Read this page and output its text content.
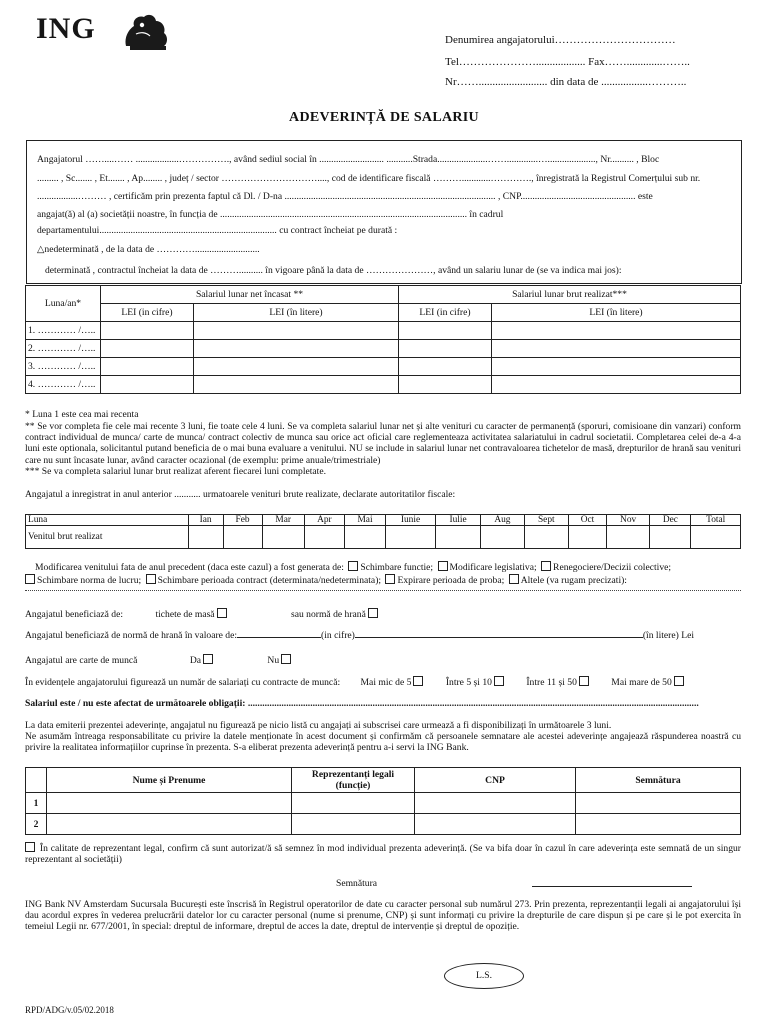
ING	Denumirea angajatorului……………………………
Tel………………….................. Fax…….............……..
Nr……......................... din data de .................………..
ADEVERINȚĂ DE SALARIU
Angajatorul ……....…… ..................……………., având sediul social în ........................... ...........Strada.....................…….............…...................., Nr.......... , Bloc
......... , Sc....... , Et....... , Ap........ , județ / sector …………………………...., cod de identificare fiscală ………............…………., înregistrată la Registrul Comerțului sub nr.
.................……… , certificăm prin prezenta faptul că Dl. / D-na ........................................................................................ , CNP................................................ este
angajat(ă) al (a) societății noastre, în funcția de ....................................................................................................... în cadrul
departamentului.......................................................................... cu contract încheiat pe durată :
△nedeterminată , de la data de …………...........................
determinată , contractul încheiat la data de ……….......... în vigoare până la data de …………………, având un salariu lunar de (se va indica mai jos):
Luna/an*	Salariul lunar net încasat **		Salariul lunar brut realizat***	
	LEI (in cifre)	LEI (în litere)	LEI (in cifre)	LEI (în litere)
1. ………… /…..				
2. ………… /…..				
3. ………… /…..				
4. ………… /…..				
* Luna 1 este cea mai recenta
** Se vor completa fie cele mai recente 3 luni, fie toate cele 4 luni. Se va completa salariul lunar net și alte venituri cu caracter de permanență (sporuri, comisioane din vanzari) conform contract individual de munca/ carte de munca/ contract colectiv de munca sau orice act oficial care reglementeaza activitatea salariatului in cadrul societatii. Completarea celei de-a 4-a luni este optionala, solicitantul putand beneficia de o mai buna evaluare a venitului. NU se include in salariul lunar net contravaloarea tichetelor de masă, drepturilor de hrană sau venituri care nu sunt încasate lunar, având caracter ocazional (de exemplu: prime anuale/trimestriale)
*** Se va completa salariul lunar brut realizat aferent fiecarei luni completate.
Angajatul a inregistrat in anul anterior ........... urmatoarele venituri brute realizate, declarate autoritatilor fiscale:
Luna	Ian	Feb	Mar	Apr	Mai	Iunie	Iulie	Aug	Sept	Oct	Nov	Dec	Total
Venitul brut realizat													
Modificarea venitului fata de anul precedent (daca este cazul) a fost generata de: Schimbare functie; Modificare legislativa; Renegociere/Decizii colective;
Schimbare norma de lucru; Schimbare perioada contract (determinata/nedeterminata); Expirare perioada de proba; Altele (va rugam precizati):
Angajatul beneficiază de:	tichete de masă	sau normă de hrană
Angajatul beneficiază de normă de hrană în valoare de:	(in cifre)	(în litere) Lei
Angajatul are carte de muncă	Da	Nu
În evidențele angajatorului figurează un număr de salariați cu contracte de muncă: Mai mic de 5	Între 5 și 10	Între 11 și 50	Mai mare de 50
Salariul este / nu este afectat de următoarele obligații: ............................................................................................................................................................................................
La data emiterii prezentei adeverințe, angajatul nu figurează pe nicio listă cu angajați ai subscrisei care urmează a fi disponibilizați în următoarele 3 luni.
Ne asumăm întreaga responsabilitate cu privire la datele menționate în acest document și confirmăm că persoanele semnatare ale acestei adeverințe angajează răspunderea noastră cu privire la realitatea informațiilor cuprinse în prezenta. S-a eliberat prezenta adeverință pentru a-i servi la ING Bank.
	Nume și Prenume	Reprezentanți legali (funcție)	CNP	Semnătura
1				
2				
În calitate de reprezentant legal, confirm că sunt autorizat/ă să semnez în mod individual prezenta adeverință. (Se va bifa doar în cazul în care adeverința este semnată de un singur reprezentant al societății)
Semnătura
ING Bank NV Amsterdam Sucursala București este înscrisă în Registrul operatorilor de date cu caracter personal sub numărul 273. Prin prezenta, reprezentanții legali ai angajatorului își dau acordul expres în vederea prelucrării datelor lor cu caracter personal (nume si prenume, CNP) și sunt informați cu privire la drepturile de care dispun și pe care și le pot exercita în temeiul Legii nr. 677/2001, în special: dreptul de informare, dreptul de acces la date, dreptul de intervenție și dreptul de opoziție.
L.S.
RPD/ADG/v.05/02.2018
